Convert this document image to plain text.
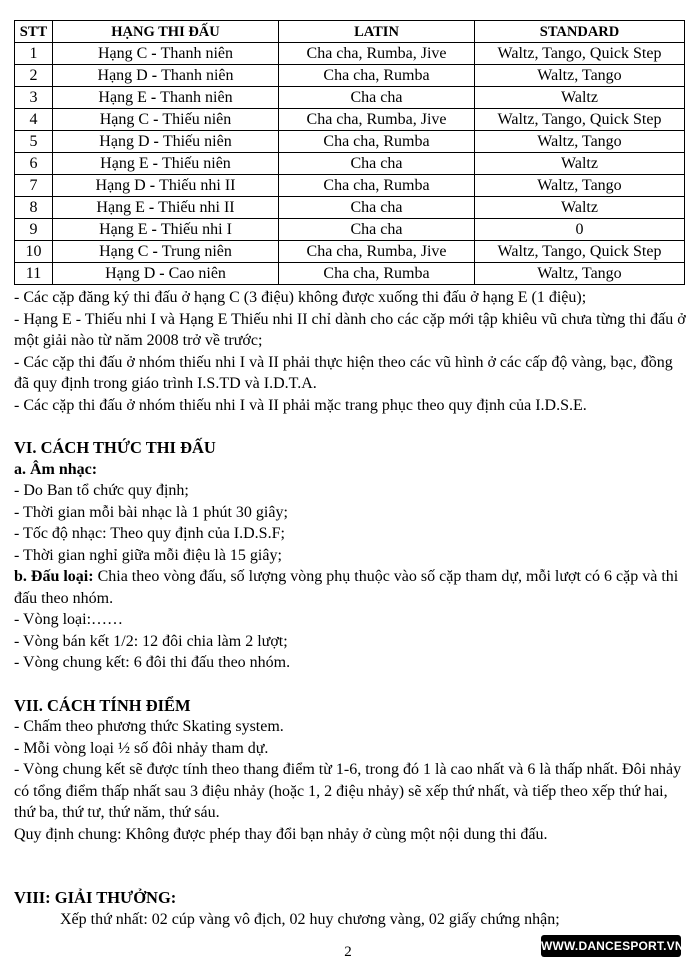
STT	HẠNG THI ĐẤU	LATIN	STANDARD
1	Hạng C - Thanh niên	Cha cha, Rumba, Jive	Waltz, Tango, Quick Step
2	Hạng D - Thanh niên	Cha cha, Rumba	Waltz, Tango
3	Hạng E - Thanh niên	Cha cha	Waltz
4	Hạng C - Thiếu niên	Cha cha, Rumba, Jive	Waltz, Tango, Quick Step
5	Hạng D - Thiếu niên	Cha cha, Rumba	Waltz, Tango
6	Hạng E - Thiếu niên	Cha cha	Waltz
7	Hạng D - Thiếu nhi II	Cha cha, Rumba	Waltz, Tango
8	Hạng E - Thiếu nhi II	Cha cha	Waltz
9	Hạng E - Thiếu nhi I	Cha cha	0
10	Hạng C - Trung niên	Cha cha, Rumba, Jive	Waltz, Tango, Quick Step
11	Hạng D - Cao niên	Cha cha, Rumba	Waltz, Tango

- Các cặp đăng ký thi đấu ở hạng C (3 điệu) không được xuống thi đấu ở hạng E (1 điệu);

- Hạng E - Thiếu nhi I và Hạng E Thiếu nhi II chỉ dành cho các cặp mới tập khiêu vũ chưa từng thi đấu ở một giải nào từ năm 2008 trở về trước;

- Các cặp thi đấu ở nhóm thiếu nhi I và II phải thực hiện theo các vũ hình ở các cấp độ vàng, bạc, đồng đã quy định trong giáo trình I.S.TD và I.D.T.A.

- Các cặp thi đấu ở nhóm thiếu nhi I và II phải mặc trang phục theo quy định của I.D.S.E.

VI. CÁCH THỨC THI ĐẤU

a. Âm nhạc:

- Do Ban tổ chức quy định;

- Thời gian mỗi bài nhạc là 1 phút 30 giây;

- Tốc độ nhạc: Theo quy định của I.D.S.F;

- Thời gian nghỉ giữa mỗi điệu là 15 giây;

b. Đấu loại: Chia theo vòng đấu, số lượng vòng phụ thuộc vào số cặp tham dự, mỗi lượt có 6 cặp và thi đấu theo nhóm.

- Vòng loại:……

- Vòng bán kết 1/2: 12 đôi chia làm 2 lượt;

- Vòng chung kết: 6 đôi thi đấu theo nhóm.

VII. CÁCH TÍNH ĐIỂM

- Chấm theo phương thức Skating system.

- Mỗi vòng loại ½ số đôi nhảy tham dự.

- Vòng chung kết sẽ được tính theo thang điểm từ 1-6, trong đó 1 là cao nhất và 6 là thấp nhất. Đôi nhảy có tổng điểm thấp nhất sau 3 điệu nhảy (hoặc 1, 2 điệu nhảy) sẽ xếp thứ nhất, và tiếp theo xếp thứ hai, thứ ba, thứ tư, thứ năm, thứ sáu.

Quy định chung: Không được phép thay đổi bạn nhảy ở cùng một nội dung thi đấu.

VIII: GIẢI THƯỞNG:

Xếp thứ nhất: 02 cúp vàng vô địch, 02 huy chương vàng, 02 giấy chứng nhận;

2	WWW.DANCESPORT.VN
